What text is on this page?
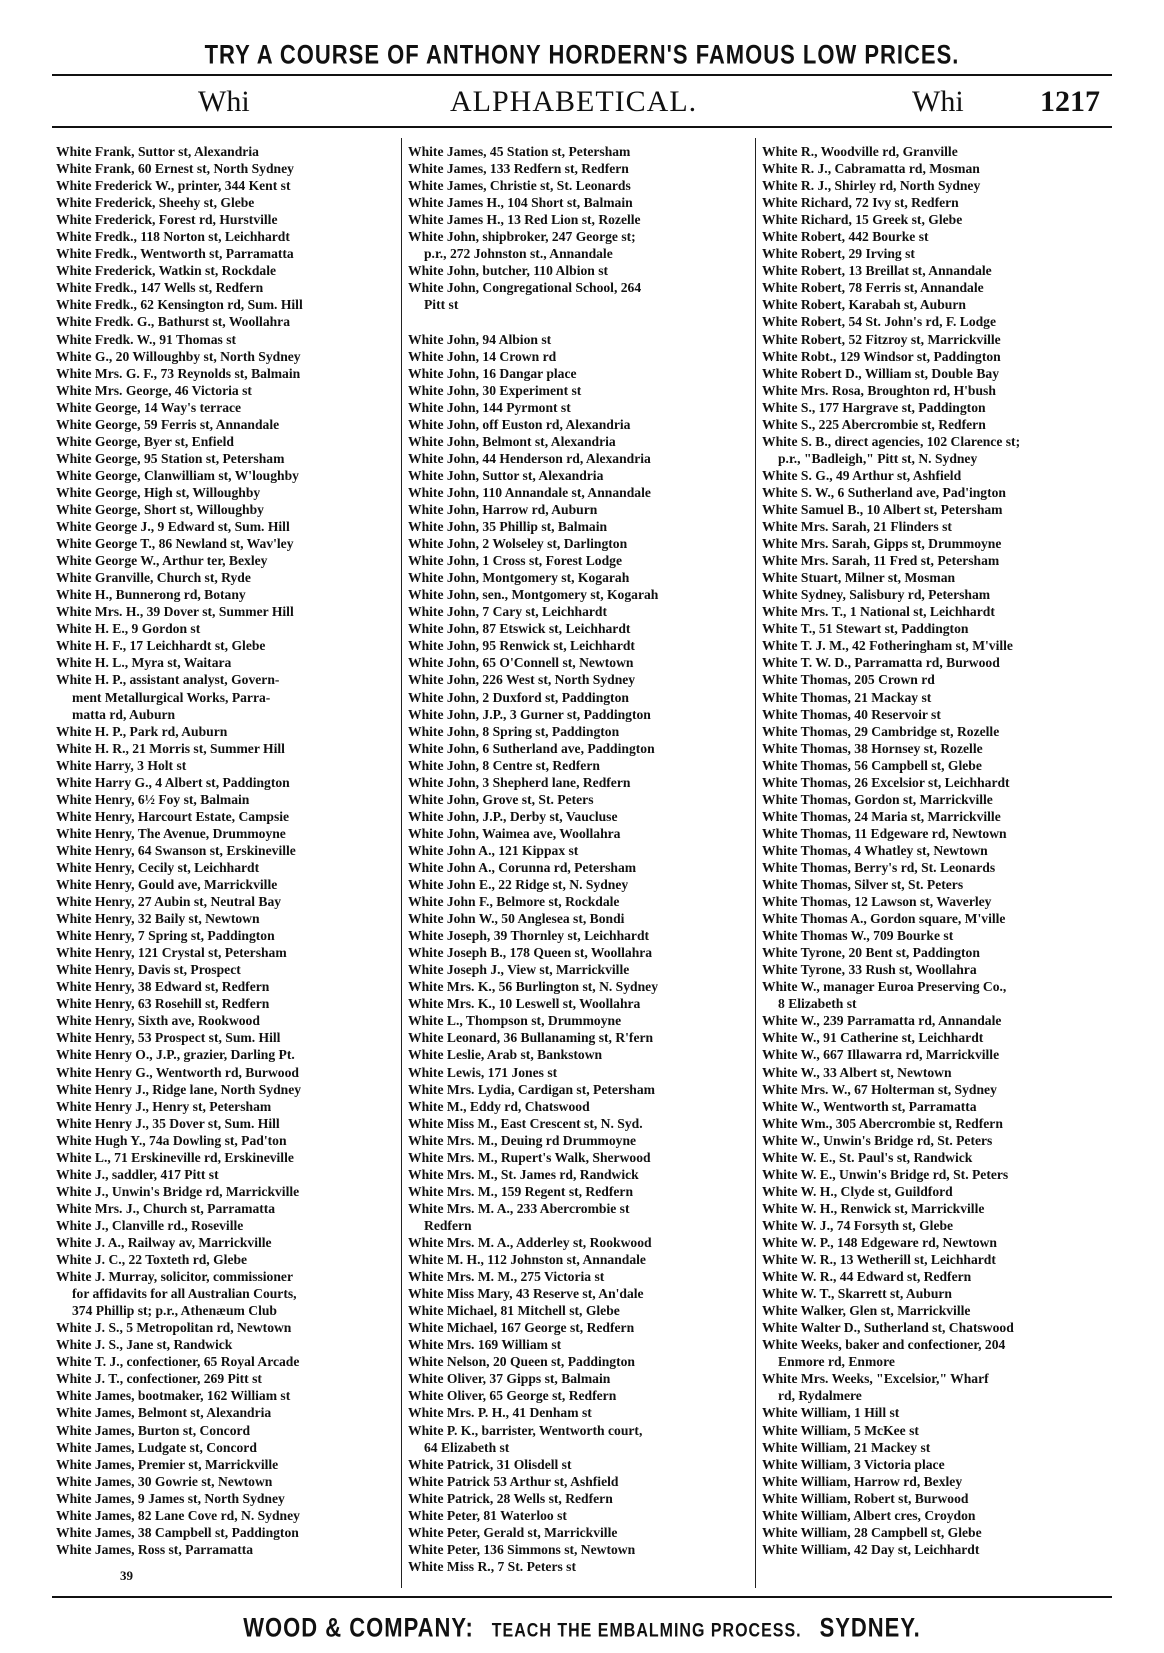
TRY A COURSE OF ANTHONY HORDERN'S FAMOUS LOW PRICES.
Whi	ALPHABETICAL.	Whi	1217
White Frank, Suttor st, Alexandria
White Frank, 60 Ernest st, North Sydney
White Frederick W., printer, 344 Kent st
White Frederick, Sheehy st, Glebe
White Frederick, Forest rd, Hurstville
White Fredk., 118 Norton st, Leichhardt
White Fredk., Wentworth st, Parramatta
White Frederick, Watkin st, Rockdale
White Fredk., 147 Wells st, Redfern
White Fredk., 62 Kensington rd, Sum. Hill
White Fredk. G., Bathurst st, Woollahra
White Fredk. W., 91 Thomas st
White G., 20 Willoughby st, North Sydney
White Mrs. G. F., 73 Reynolds st, Balmain
White Mrs. George, 46 Victoria st
White George, 14 Way's terrace
White George, 59 Ferris st, Annandale
White George, Byer st, Enfield
White George, 95 Station st, Petersham
White George, Clanwilliam st, W'loughby
White George, High st, Willoughby
White George, Short st, Willoughby
White George J., 9 Edward st, Sum. Hill
White George T., 86 Newland st, Wav'ley
White George W., Arthur ter, Bexley
White Granville, Church st, Ryde
White H., Bunnerong rd, Botany
White Mrs. H., 39 Dover st, Summer Hill
White H. E., 9 Gordon st
White H. F., 17 Leichhardt st, Glebe
White H. L., Myra st, Waitara
White H. P., assistant analyst, Govern-
ment Metallurgical Works, Parra-
matta rd, Auburn
White H. P., Park rd, Auburn
White H. R., 21 Morris st, Summer Hill
White Harry, 3 Holt st
White Harry G., 4 Albert st, Paddington
White Henry, 6½ Foy st, Balmain
White Henry, Harcourt Estate, Campsie
White Henry, The Avenue, Drummoyne
White Henry, 64 Swanson st, Erskineville
White Henry, Cecily st, Leichhardt
White Henry, Gould ave, Marrickville
White Henry, 27 Aubin st, Neutral Bay
White Henry, 32 Baily st, Newtown
White Henry, 7 Spring st, Paddington
White Henry, 121 Crystal st, Petersham
White Henry, Davis st, Prospect
White Henry, 38 Edward st, Redfern
White Henry, 63 Rosehill st, Redfern
White Henry, Sixth ave, Rookwood
White Henry, 53 Prospect st, Sum. Hill
White Henry O., J.P., grazier, Darling Pt.
White Henry G., Wentworth rd, Burwood
White Henry J., Ridge lane, North Sydney
White Henry J., Henry st, Petersham
White Henry J., 35 Dover st, Sum. Hill
White Hugh Y., 74a Dowling st, Pad'ton
White L., 71 Erskineville rd, Erskineville
White J., saddler, 417 Pitt st
White J., Unwin's Bridge rd, Marrickville
White Mrs. J., Church st, Parramatta
White J., Clanville rd., Roseville
White J. A., Railway av, Marrickville
White J. C., 22 Toxteth rd, Glebe
White J. Murray, solicitor, commissioner
for affidavits for all Australian Courts,
374 Phillip st; p.r., Athenæum Club
White J. S., 5 Metropolitan rd, Newtown
White J. S., Jane st, Randwick
White T. J., confectioner, 65 Royal Arcade
White J. T., confectioner, 269 Pitt st
White James, bootmaker, 162 William st
White James, Belmont st, Alexandria
White James, Burton st, Concord
White James, Ludgate st, Concord
White James, Premier st, Marrickville
White James, 30 Gowrie st, Newtown
White James, 9 James st, North Sydney
White James, 82 Lane Cove rd, N. Sydney
White James, 38 Campbell st, Paddington
White James, Ross st, Parramatta
White James, 45 Station st, Petersham
White James, 133 Redfern st, Redfern
White James, Christie st, St. Leonards
White James H., 104 Short st, Balmain
White James H., 13 Red Lion st, Rozelle
White John, shipbroker, 247 George st;
p.r., 272 Johnston st., Annandale
White John, butcher, 110 Albion st
White John, Congregational School, 264
Pitt st
White John, 94 Albion st
White John, 14 Crown rd
White John, 16 Dangar place
White John, 30 Experiment st
White John, 144 Pyrmont st
White John, off Euston rd, Alexandria
White John, Belmont st, Alexandria
White John, 44 Henderson rd, Alexandria
White John, Suttor st, Alexandria
White John, 110 Annandale st, Annandale
White John, Harrow rd, Auburn
White John, 35 Phillip st, Balmain
White John, 2 Wolseley st, Darlington
White John, 1 Cross st, Forest Lodge
White John, Montgomery st, Kogarah
White John, sen., Montgomery st, Kogarah
White John, 7 Cary st, Leichhardt
White John, 87 Etswick st, Leichhardt
White John, 95 Renwick st, Leichhardt
White John, 65 O'Connell st, Newtown
White John, 226 West st, North Sydney
White John, 2 Duxford st, Paddington
White John, J.P., 3 Gurner st, Paddington
White John, 8 Spring st, Paddington
White John, 6 Sutherland ave, Paddington
White John, 8 Centre st, Redfern
White John, 3 Shepherd lane, Redfern
White John, Grove st, St. Peters
White John, J.P., Derby st, Vaucluse
White John, Waimea ave, Woollahra
White John A., 121 Kippax st
White John A., Corunna rd, Petersham
White John E., 22 Ridge st, N. Sydney
White John F., Belmore st, Rockdale
White John W., 50 Anglesea st, Bondi
White Joseph, 39 Thornley st, Leichhardt
White Joseph B., 178 Queen st, Woollahra
White Joseph J., View st, Marrickville
White Mrs. K., 56 Burlington st, N. Sydney
White Mrs. K., 10 Leswell st, Woollahra
White L., Thompson st, Drummoyne
White Leonard, 36 Bullanaming st, R'fern
White Leslie, Arab st, Bankstown
White Lewis, 171 Jones st
White Mrs. Lydia, Cardigan st, Petersham
White M., Eddy rd, Chatswood
White Miss M., East Crescent st, N. Syd.
White Mrs. M., Deuing rd Drummoyne
White Mrs. M., Rupert's Walk, Sherwood
White Mrs. M., St. James rd, Randwick
White Mrs. M., 159 Regent st, Redfern
White Mrs. M. A., 233 Abercrombie st
Redfern
White Mrs. M. A., Adderley st, Rookwood
White M. H., 112 Johnston st, Annandale
White Mrs. M. M., 275 Victoria st
White Miss Mary, 43 Reserve st, An'dale
White Michael, 81 Mitchell st, Glebe
White Michael, 167 George st, Redfern
White Mrs. 169 William st
White Nelson, 20 Queen st, Paddington
White Oliver, 37 Gipps st, Balmain
White Oliver, 65 George st, Redfern
White Mrs. P. H., 41 Denham st
White P. K., barrister, Wentworth court,
64 Elizabeth st
White Patrick, 31 Olisdell st
White Patrick 53 Arthur st, Ashfield
White Patrick, 28 Wells st, Redfern
White Peter, 81 Waterloo st
White Peter, Gerald st, Marrickville
White Peter, 136 Simmons st, Newtown
White Miss R., 7 St. Peters st
White R., Woodville rd, Granville
White R. J., Cabramatta rd, Mosman
White R. J., Shirley rd, North Sydney
White Richard, 72 Ivy st, Redfern
White Richard, 15 Greek st, Glebe
White Robert, 442 Bourke st
White Robert, 29 Irving st
White Robert, 13 Breillat st, Annandale
White Robert, 78 Ferris st, Annandale
White Robert, Karabah st, Auburn
White Robert, 54 St. John's rd, F. Lodge
White Robert, 52 Fitzroy st, Marrickville
White Robt., 129 Windsor st, Paddington
White Robert D., William st, Double Bay
White Mrs. Rosa, Broughton rd, H'bush
White S., 177 Hargrave st, Paddington
White S., 225 Abercrombie st, Redfern
White S. B., direct agencies, 102 Clarence st;
p.r., "Badleigh," Pitt st, N. Sydney
White S. G., 49 Arthur st, Ashfield
White S. W., 6 Sutherland ave, Pad'ington
White Samuel B., 10 Albert st, Petersham
White Mrs. Sarah, 21 Flinders st
White Mrs. Sarah, Gipps st, Drummoyne
White Mrs. Sarah, 11 Fred st, Petersham
White Stuart, Milner st, Mosman
White Sydney, Salisbury rd, Petersham
White Mrs. T., 1 National st, Leichhardt
White T., 51 Stewart st, Paddington
White T. J. M., 42 Fotheringham st, M'ville
White T. W. D., Parramatta rd, Burwood
White Thomas, 205 Crown rd
White Thomas, 21 Mackay st
White Thomas, 40 Reservoir st
White Thomas, 29 Cambridge st, Rozelle
White Thomas, 38 Hornsey st, Rozelle
White Thomas, 56 Campbell st, Glebe
White Thomas, 26 Excelsior st, Leichhardt
White Thomas, Gordon st, Marrickville
White Thomas, 24 Maria st, Marrickville
White Thomas, 11 Edgeware rd, Newtown
White Thomas, 4 Whatley st, Newtown
White Thomas, Berry's rd, St. Leonards
White Thomas, Silver st, St. Peters
White Thomas, 12 Lawson st, Waverley
White Thomas A., Gordon square, M'ville
White Thomas W., 709 Bourke st
White Tyrone, 20 Bent st, Paddington
White Tyrone, 33 Rush st, Woollahra
White W., manager Euroa Preserving Co.,
8 Elizabeth st
White W., 239 Parramatta rd, Annandale
White W., 91 Catherine st, Leichhardt
White W., 667 Illawarra rd, Marrickville
White W., 33 Albert st, Newtown
White Mrs. W., 67 Holterman st, Sydney
White W., Wentworth st, Parramatta
White Wm., 305 Abercrombie st, Redfern
White W., Unwin's Bridge rd, St. Peters
White W. E., St. Paul's st, Randwick
White W. E., Unwin's Bridge rd, St. Peters
White W. H., Clyde st, Guildford
White W. H., Renwick st, Marrickville
White W. J., 74 Forsyth st, Glebe
White W. P., 148 Edgeware rd, Newtown
White W. R., 13 Wetherill st, Leichhardt
White W. R., 44 Edward st, Redfern
White W. T., Skarrett st, Auburn
White Walker, Glen st, Marrickville
White Walter D., Sutherland st, Chatswood
White Weeks, baker and confectioner, 204
Enmore rd, Enmore
White Mrs. Weeks, "Excelsior," Wharf
rd, Rydalmere
White William, 1 Hill st
White William, 5 McKee st
White William, 21 Mackey st
White William, 3 Victoria place
White William, Harrow rd, Bexley
White William, Robert st, Burwood
White William, Albert cres, Croydon
White William, 28 Campbell st, Glebe
White William, 42 Day st, Leichhardt
39
WOOD & COMPANY: TEACH THE EMBALMING PROCESS. SYDNEY.
